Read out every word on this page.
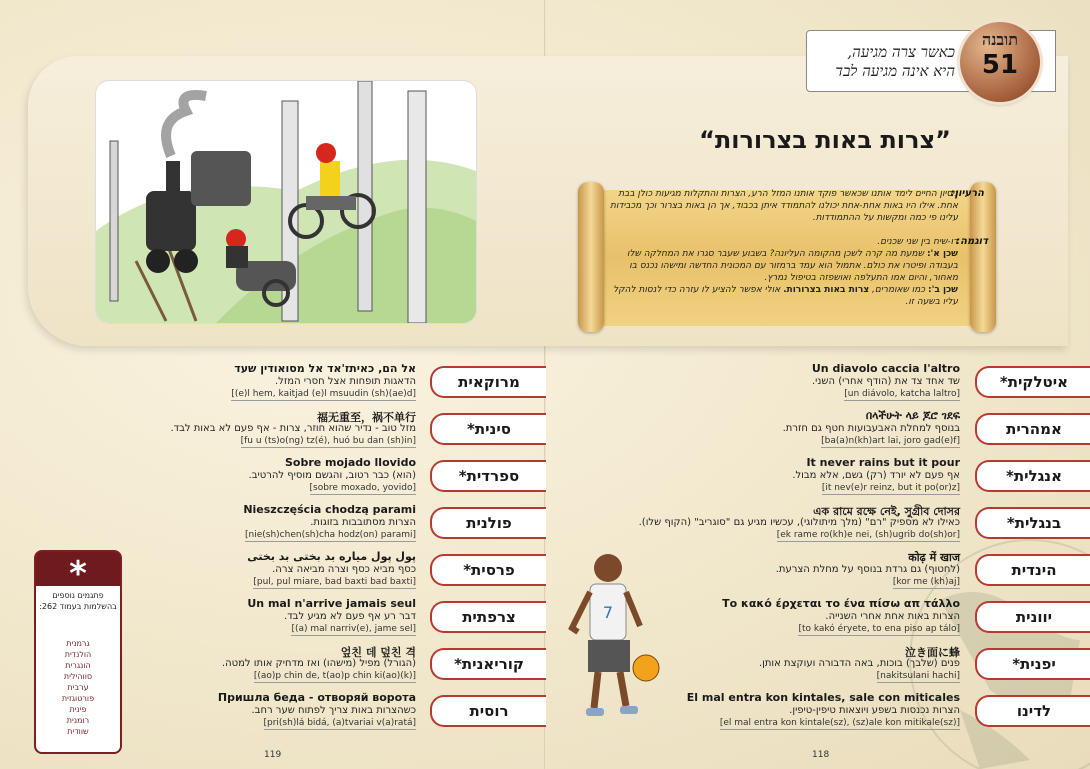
כאשר צרה מגיעה,
היא אינה מגיעה לבד
תובנה
51
”צרות באות בצרורות“
הרעיון:
ניסיון החיים לימד אותנו שכאשר פוקד אותנו המזל הרע, הצרות והתקלות מגיעות כולן בבת אחת. אילו היו באות אחת-אחת יכולנו להתמודד איתן בכבוד, אך הן באות בצרור וכך מכבידות עלינו פי כמה ומקשות על ההתמודדות.
דוגמה:
דו-שיח בין שני שכנים.
שכן א': שמעת מה קרה לשכן מהקומה העליונה? בשבוע שעבר סגרו את המחלקה שלו בעבודה ופיטרו את כולם. אתמול הוא עמד ברמזור עם המכונית החדשה ומישהו נכנס בו מאחור, והיום אמו התעלפה ואושפזה בטיפול נמרץ.
שכן ב': כמו שאומרים, צרות באות בצרורות. אולי אפשר להציע לו עזרה כדי לנסות להקל עליו בשעה זו.
איטלקית*
Un diavolo caccia l'altro
שד אחד צד את (הודף אחרי) השני.
[un diávolo, katcha laltro]
אמהרית
በላችሁት ላይ ጆሮ ገደፍ
בנוסף למחלת האבעבועות חטף גם חזרת.
[ba(a)n(kh)art lai, joro gad(e)f]
אנגלית*
It never rains but it pour
אף פעם לא יורד (רק) גשם, אלא מבול.
[it nev(e)r reinz, but it po(or)z]
בנגלית*
এক রামে রক্ষে নেই, সুগ্রীব দোসর
כאילו לא מספיק "רם" (מלך מיתולוגי), עכשיו מגיע גם "סוגריב" (הקוף שלו).
[ek rame ro(kh)e nei, (sh)ugrib do(sh)or]
הינדית
कोढ़ में खाज
(לחטוף) גם גרדת בנוסף על מחלת הצרעת.
[kor me (kh)aj]
יוונית
Το κακό έρχεται το ένα πίσω απ τάλλο
הצרות באות אחת אחרי השנייה.
[to kakó éryete, to ena piso ap tálo]
יפנית*
泣き面に蜂
פנים (שלבך) בוכות, באה הדבורה ועוקצת אותן.
[nakitsulani hachi]
לדינו
El mal entra kon kintales, sale con miticales
הצרות נכנסות בשפע ויוצאות טיפין-טיפין.
[el mal entra kon kintale(sz), (sz)ale kon mitikale(sz)]
מרוקאית
אל הם, כאיתז'אד אל מסואודין שעד
הדאגות תופחות אצל חסרי המזל.
[(e)l hem, kaitjad (e)l msuudin (sh)(ae)d]
סינית*
福无重至，祸不单行
מזל טוב - נדיר שהוא חוזר, צרות - אף פעם לא באות לבד.
[fu u (ts)o(ng) tz(é), huó bu dan (sh)in]
ספרדית*
Sobre mojado llovido
(הוא) כבר רטוב, והגשם מוסיף להרטיב.
[sobre moxado, yovido]
פולנית
Nieszczęścia chodzą parami
הצרות מסתובבות בזוגות.
[nie(sh)chen(sh)cha hodz(on) parami]
פרסית*
پول پول میاره بد بختی بد بختی
כסף מביא כסף וצרה מביאה צרה.
[pul, pul miare, bad baxti bad baxti]
צרפתית
Un mal n'arrive jamais seul
דבר רע אף פעם לא מגיע לבד.
[(a) mal narriv(e), jame sel]
קוריאנית*
엎친 데 덮친 격
(הגורל) מפיל (מישהו) ואז מדחיק אותו למטה.
[(ao)p chin de, t(ao)p chin ki(ao)(k)]
רוסית
Пришла беда - отворяй ворота
כשהצרות באות צריך לפתוח שער רחב.
[pri(sh)lá bidá, (a)tvariai v(a)ratá]
7
*
פתגמים נוספים בהשלמות בעמוד 262:
גרמנית
הולנדית
הונגרית
סווהילית
ערבית
פורטוגזית
פינית
רומנית
שוודית
119	118
